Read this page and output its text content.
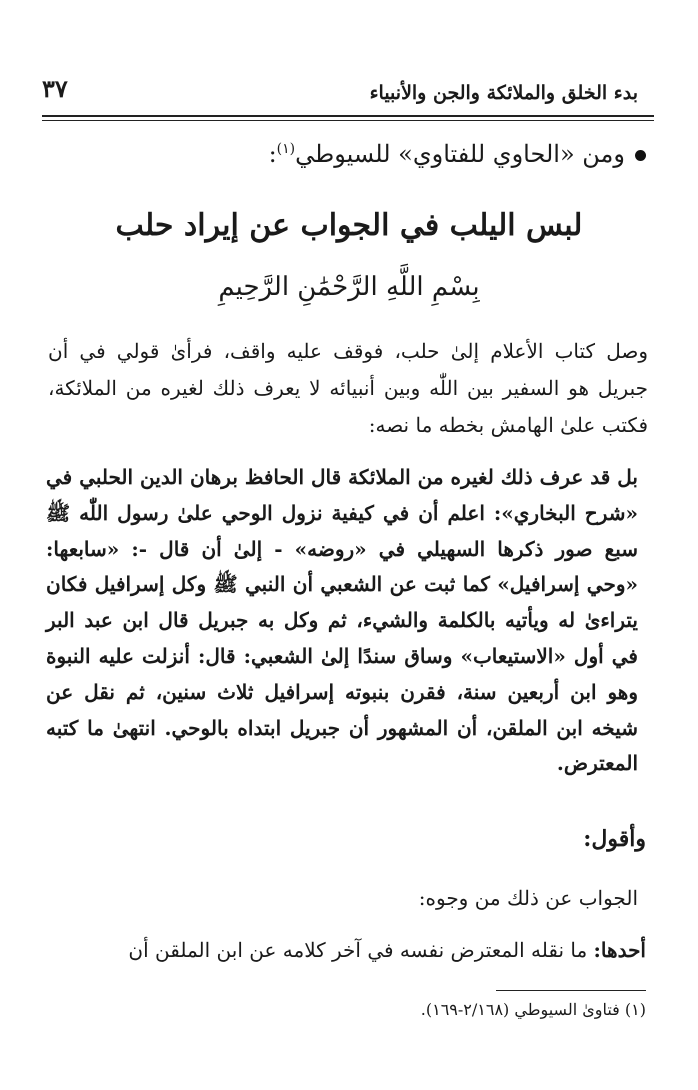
بدء الخلق والملائكة والجن والأنبياء
٣٧
ومن «الحاوي للفتاوي» للسيوطي$^{(١)}$:
لبس اليلب في الجواب عن إيراد حلب
بِسْمِ اللَّهِ الرَّحْمَٰنِ الرَّحِيمِ
وصل كتاب الأعلام إلىٰ حلب، فوقف عليه واقف، فرأىٰ قولي في أن جبريل هو السفير بين اللّٰه وبين أنبيائه لا يعرف ذلك لغيره من الملائكة، فكتب علىٰ الهامش بخطه ما نصه:
بل قد عرف ذلك لغيره من الملائكة قال الحافظ برهان الدين الحلبي في «شرح البخاري»: اعلم أن في كيفية نزول الوحي علىٰ رسول اللّٰه ﷺ سبع صور ذكرها السهيلي في «روضه» - إلىٰ أن قال -: «سابعها: «وحي إسرافيل» كما ثبت عن الشعبي أن النبي ﷺ وكل إسرافيل فكان يتراءىٰ له ويأتيه بالكلمة والشيء، ثم وكل به جبريل قال ابن عبد البر في أول «الاستيعاب» وساق سندًا إلىٰ الشعبي: قال: أنزلت عليه النبوة وهو ابن أربعين سنة، فقرن بنبوته إسرافيل ثلاث سنين، ثم نقل عن شيخه ابن الملقن، أن المشهور أن جبريل ابتداه بالوحي. انتهىٰ ما كتبه المعترض.
وأقول:
الجواب عن ذلك من وجوه:
أحدها: ما نقله المعترض نفسه في آخر كلامه عن ابن الملقن أن
(١) فتاوىٰ السيوطي (٢/١٦٨-١٦٩).
